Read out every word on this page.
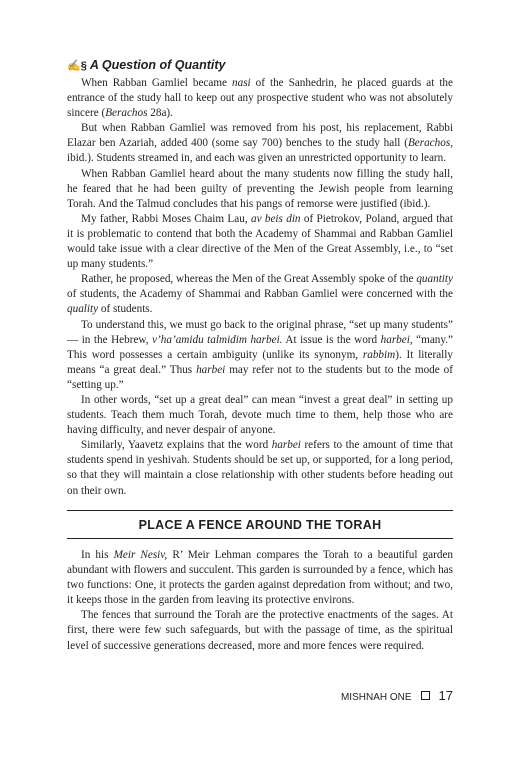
✍§ A Question of Quantity

When Rabban Gamliel became nasi of the Sanhedrin, he placed guards at the entrance of the study hall to keep out any prospective student who was not absolutely sincere (Berachos 28a).

But when Rabban Gamliel was removed from his post, his replacement, Rabbi Elazar ben Azariah, added 400 (some say 700) benches to the study hall (Berachos, ibid.). Students streamed in, and each was given an unrestricted opportunity to learn.

When Rabban Gamliel heard about the many students now filling the study hall, he feared that he had been guilty of preventing the Jewish people from learning Torah. And the Talmud concludes that his pangs of remorse were justified (ibid.).

My father, Rabbi Moses Chaim Lau, av beis din of Pietrokov, Poland, argued that it is problematic to contend that both the Academy of Shammai and Rabban Gamliel would take issue with a clear directive of the Men of the Great Assembly, i.e., to “set up many students.”

Rather, he proposed, whereas the Men of the Great Assembly spoke of the quantity of students, the Academy of Shammai and Rabban Gamliel were concerned with the quality of students.

To understand this, we must go back to the original phrase, “set up many students” — in the Hebrew, v’ha’amidu talmidim harbei. At issue is the word harbei, “many.” This word possesses a certain ambiguity (unlike its synonym, rabbim). It literally means “a great deal.” Thus harbei may refer not to the students but to the mode of “setting up.”

In other words, “set up a great deal” can mean “invest a great deal” in setting up students. Teach them much Torah, devote much time to them, help those who are having difficulty, and never despair of anyone.

Similarly, Yaavetz explains that the word harbei refers to the amount of time that students spend in yeshivah. Students should be set up, or supported, for a long period, so that they will maintain a close relationship with other students before heading out on their own.

PLACE A FENCE AROUND THE TORAH

In his Meir Nesiv, R’ Meir Lehman compares the Torah to a beautiful garden abundant with flowers and succulent. This garden is surrounded by a fence, which has two functions: One, it protects the garden against depredation from without; and two, it keeps those in the garden from leaving its protective environs.

The fences that surround the Torah are the protective enactments of the sages. At first, there were few such safeguards, but with the passage of time, as the spiritual level of successive generations decreased, more and more fences were required.

MISHNAH ONE 17
